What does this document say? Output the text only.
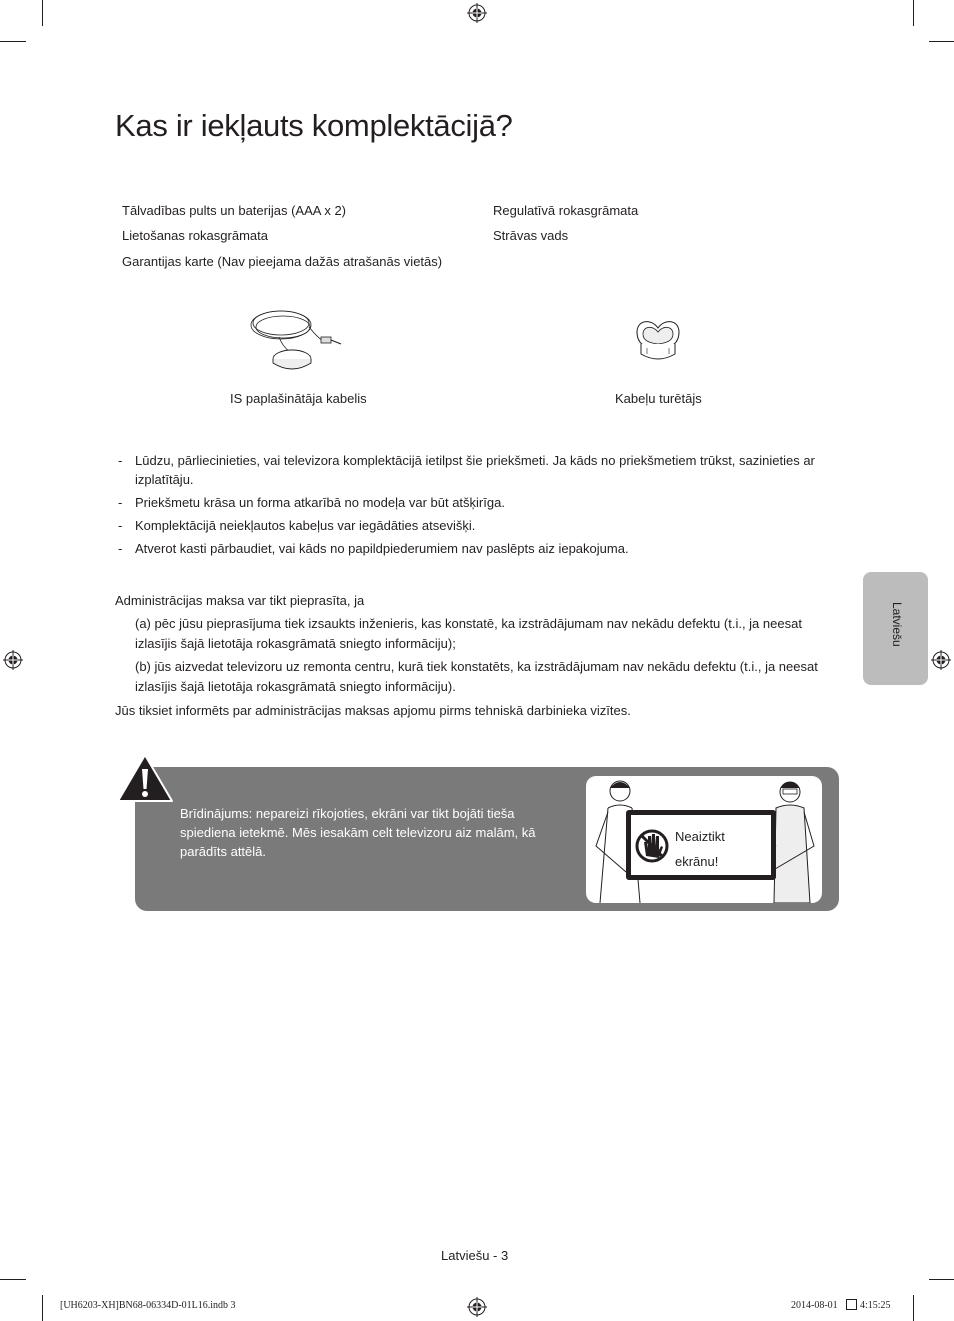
Kas ir iekļauts komplektācijā?
Tālvadības pults un baterijas (AAA x 2)
Lietošanas rokasgrāmata
Garantijas karte (Nav pieejama dažās atrašanās vietās)
Regulatīvā rokasgrāmata
Strāvas vads
IS paplašinātāja kabelis	Kabeļu turētājs
- Lūdzu, pārliecinieties, vai televizora komplektācijā ietilpst šie priekšmeti. Ja kāds no priekšmetiem trūkst, sazinieties ar izplatītāju.
- Priekšmetu krāsa un forma atkarībā no modeļa var būt atšķirīga.
- Komplektācijā neiekļautos kabeļus var iegādāties atsevišķi.
- Atverot kasti pārbaudiet, vai kāds no papildpiederumiem nav paslēpts aiz iepakojuma.
Administrācijas maksa var tikt pieprasīta, ja
(a) pēc jūsu pieprasījuma tiek izsaukts inženieris, kas konstatē, ka izstrādājumam nav nekādu defektu (t.i., ja neesat izlasījis šajā lietotāja rokasgrāmatā sniegto informāciju);
(b) jūs aizvedat televizoru uz remonta centru, kurā tiek konstatēts, ka izstrādājumam nav nekādu defektu (t.i., ja neesat izlasījis šajā lietotāja rokasgrāmatā sniegto informāciju).
Jūs tiksiet informēts par administrācijas maksas apjomu pirms tehniskā darbinieka vizītes.
Latviešu
Brīdinājums: nepareizi rīkojoties, ekrāni var tikt bojāti tieša spiediena ietekmē. Mēs iesakām celt televizoru aiz malām, kā parādīts attēlā.
Neaiztikt
ekrānu!
Latviešu - 3
[UH6203-XH]BN68-06334D-01L16.indb 3	2014-08-01 4:15:25
